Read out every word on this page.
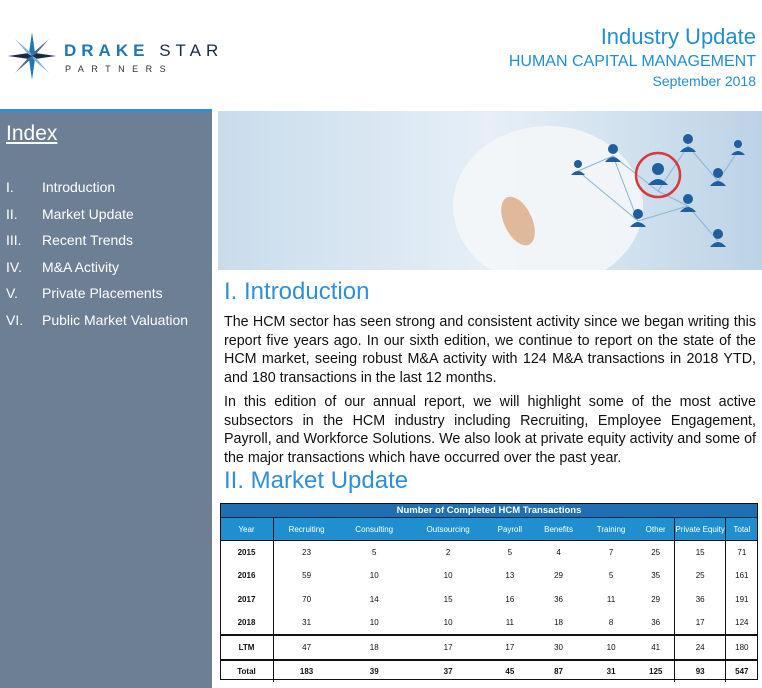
DRAKE STAR
PARTNERS
Industry Update
HUMAN CAPITAL MANAGEMENT
September 2018
Index
I.	Introduction
II.	Market Update
III.	Recent Trends
IV.	M&A Activity
V.	Private Placements
VI.	Public Market Valuation
I. Introduction

The HCM sector has seen strong and consistent activity since we began writing this report five years ago. In our sixth edition, we continue to report on the state of the HCM market, seeing robust M&A activity with 124 M&A transactions in 2018 YTD, and 180 transactions in the last 12 months.

In this edition of our annual report, we will highlight some of the most active subsectors in the HCM industry including Recruiting, Employee Engagement, Payroll, and Workforce Solutions. We also look at private equity activity and some of the major transactions which have occurred over the past year.

II. Market Update
Number of Completed HCM Transactions									
Year	Recruiting	Consulting	Outsourcing	Payroll	Benefits	Training	Other	Private Equity	Total
2015	23	5	2	5	4	7	25	15	71
2016	59	10	10	13	29	5	35	25	161
2017	70	14	15	16	36	11	29	36	191
2018	31	10	10	11	18	8	36	17	124
LTM	47	18	17	17	30	10	41	24	180
Total	183	39	37	45	87	31	125	93	547
